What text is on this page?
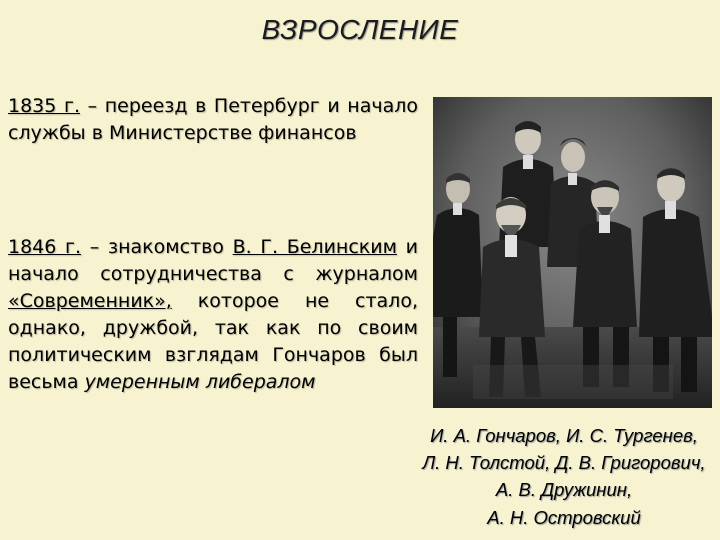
ВЗРОСЛЕНИЕ
1835 г. – переезд в Петербург и начало службы в Министерстве финансов
1846 г. – знакомство В. Г. Белинским и начало сотрудничества с журналом «Современник», которое не стало, однако, дружбой, так как по своим политическим взглядам Гончаров был весьма умеренным либералом
И. А. Гончаров, И. С. Тургенев,
Л. Н. Толстой, Д. В. Григорович,
А. В. Дружинин,
А. Н. Островский
